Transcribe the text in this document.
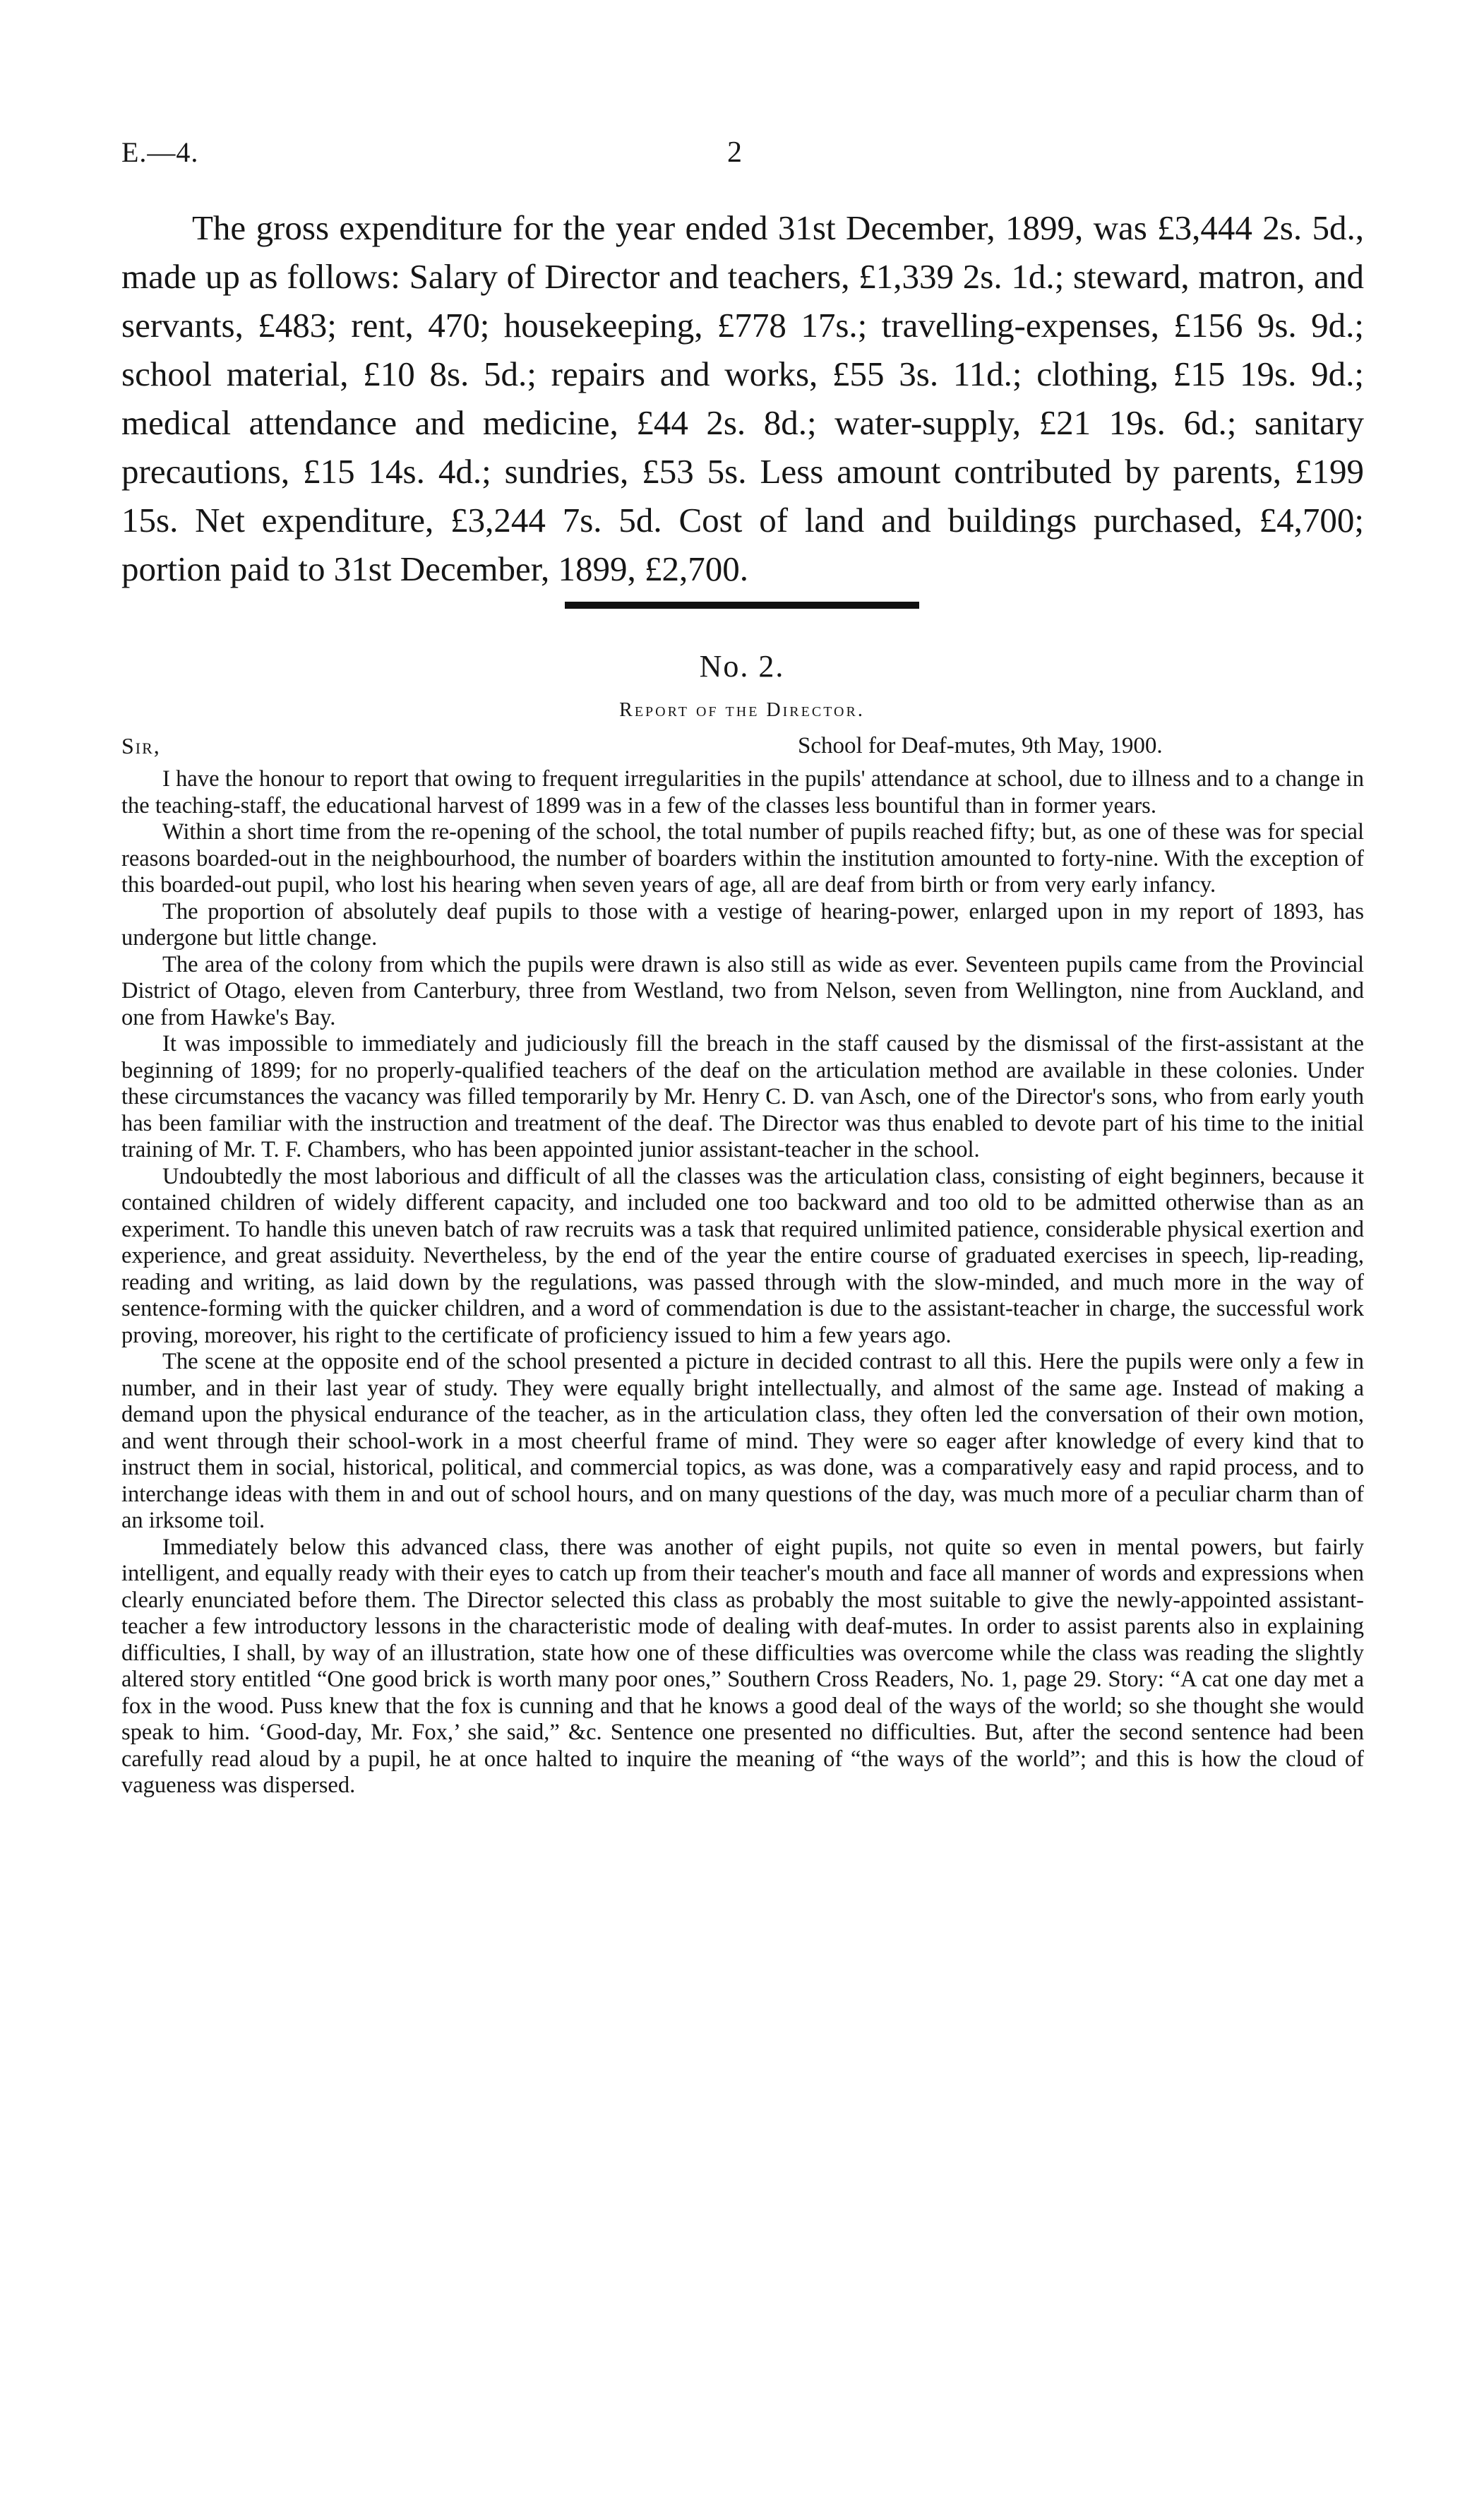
E.—4.	2

The gross expenditure for the year ended 31st December, 1899, was £3,444 2s. 5d., made up as follows: Salary of Director and teachers, £1,339 2s. 1d.; steward, matron, and servants, £483; rent, 470; housekeeping, £778 17s.; travelling-expenses, £156 9s. 9d.; school material, £10 8s. 5d.; repairs and works, £55 3s. 11d.; clothing, £15 19s. 9d.; medical attendance and medicine, £44 2s. 8d.; water-supply, £21 19s. 6d.; sanitary precautions, £15 14s. 4d.; sundries, £53 5s. Less amount contributed by parents, £199 15s. Net expenditure, £3,244 7s. 5d. Cost of land and buildings purchased, £4,700; portion paid to 31st December, 1899, £2,700.

No. 2.
Report of the Director.
Sir,	School for Deaf-mutes, 9th May, 1900.

I have the honour to report that owing to frequent irregularities in the pupils' attendance at school, due to illness and to a change in the teaching-staff, the educational harvest of 1899 was in a few of the classes less bountiful than in former years.

Within a short time from the re-opening of the school, the total number of pupils reached fifty; but, as one of these was for special reasons boarded-out in the neighbourhood, the number of boarders within the institution amounted to forty-nine. With the exception of this boarded-out pupil, who lost his hearing when seven years of age, all are deaf from birth or from very early infancy.

The proportion of absolutely deaf pupils to those with a vestige of hearing-power, enlarged upon in my report of 1893, has undergone but little change.

The area of the colony from which the pupils were drawn is also still as wide as ever. Seventeen pupils came from the Provincial District of Otago, eleven from Canterbury, three from Westland, two from Nelson, seven from Wellington, nine from Auckland, and one from Hawke's Bay.

It was impossible to immediately and judiciously fill the breach in the staff caused by the dismissal of the first-assistant at the beginning of 1899; for no properly-qualified teachers of the deaf on the articulation method are available in these colonies. Under these circumstances the vacancy was filled temporarily by Mr. Henry C. D. van Asch, one of the Director's sons, who from early youth has been familiar with the instruction and treatment of the deaf. The Director was thus enabled to devote part of his time to the initial training of Mr. T. F. Chambers, who has been appointed junior assistant-teacher in the school.

Undoubtedly the most laborious and difficult of all the classes was the articulation class, consisting of eight beginners, because it contained children of widely different capacity, and included one too backward and too old to be admitted otherwise than as an experiment. To handle this uneven batch of raw recruits was a task that required unlimited patience, considerable physical exertion and experience, and great assiduity. Nevertheless, by the end of the year the entire course of graduated exercises in speech, lip-reading, reading and writing, as laid down by the regulations, was passed through with the slow-minded, and much more in the way of sentence-forming with the quicker children, and a word of commendation is due to the assistant-teacher in charge, the successful work proving, moreover, his right to the certificate of proficiency issued to him a few years ago.

The scene at the opposite end of the school presented a picture in decided contrast to all this. Here the pupils were only a few in number, and in their last year of study. They were equally bright intellectually, and almost of the same age. Instead of making a demand upon the physical endurance of the teacher, as in the articulation class, they often led the conversation of their own motion, and went through their school-work in a most cheerful frame of mind. They were so eager after knowledge of every kind that to instruct them in social, historical, political, and commercial topics, as was done, was a comparatively easy and rapid process, and to interchange ideas with them in and out of school hours, and on many questions of the day, was much more of a peculiar charm than of an irksome toil.

Immediately below this advanced class, there was another of eight pupils, not quite so even in mental powers, but fairly intelligent, and equally ready with their eyes to catch up from their teacher's mouth and face all manner of words and expressions when clearly enunciated before them. The Director selected this class as probably the most suitable to give the newly-appointed assistant-teacher a few introductory lessons in the characteristic mode of dealing with deaf-mutes. In order to assist parents also in explaining difficulties, I shall, by way of an illustration, state how one of these difficulties was overcome while the class was reading the slightly altered story entitled “One good brick is worth many poor ones,” Southern Cross Readers, No. 1, page 29. Story: “A cat one day met a fox in the wood. Puss knew that the fox is cunning and that he knows a good deal of the ways of the world; so she thought she would speak to him. ‘Good-day, Mr. Fox,’ she said,” &c. Sentence one presented no difficulties. But, after the second sentence had been carefully read aloud by a pupil, he at once halted to inquire the meaning of “the ways of the world”; and this is how the cloud of vagueness was dispersed.
